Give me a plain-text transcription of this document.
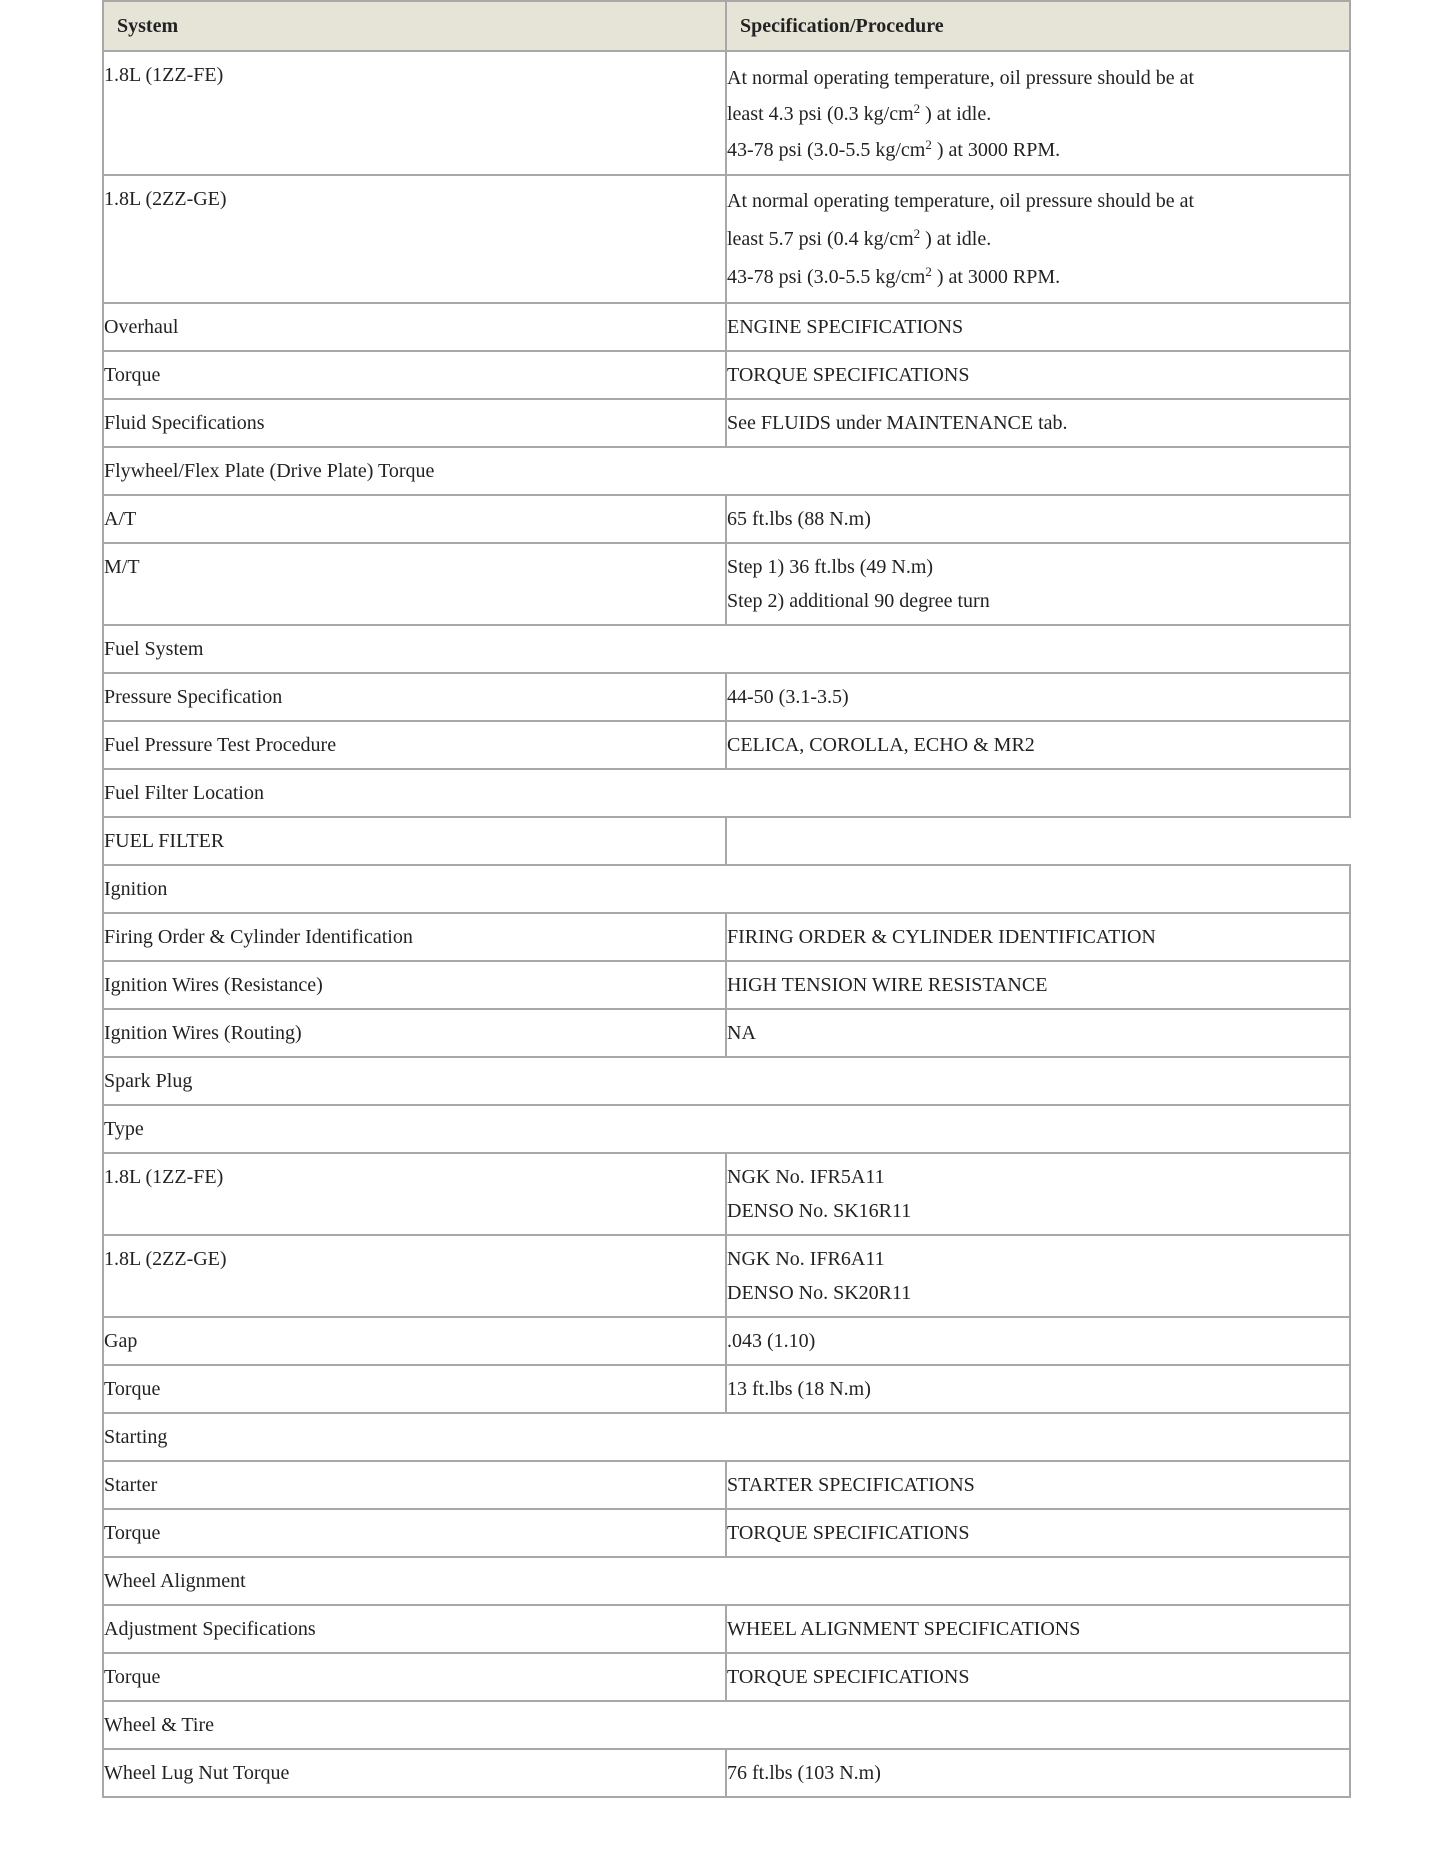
System	Specification/Procedure
1.8L (1ZZ-FE)	At normal operating temperature, oil pressure should be at
least 4.3 psi (0.3 $kg/cm^2$ ) at idle.
43-78 psi (3.0-5.5 $kg/cm^2$ ) at 3000 RPM.
1.8L (2ZZ-GE)	At normal operating temperature, oil pressure should be at
least 5.7 psi (0.4 $kg/cm^2$ ) at idle.
43-78 psi (3.0-5.5 $kg/cm^2$ ) at 3000 RPM.
Overhaul	ENGINE SPECIFICATIONS
Torque	TORQUE SPECIFICATIONS
Fluid Specifications	See FLUIDS under MAINTENANCE tab.
Flywheel/Flex Plate (Drive Plate) Torque	
A/T	65 ft.lbs (88 N.m)
M/T	Step 1) 36 ft.lbs (49 N.m)
Step 2) additional 90 degree turn
Fuel System	
Pressure Specification	44-50 (3.1-3.5)
Fuel Pressure Test Procedure	CELICA, COROLLA, ECHO & MR2
Fuel Filter Location	
FUEL FILTER	
Ignition	
Firing Order & Cylinder Identification	FIRING ORDER & CYLINDER IDENTIFICATION
Ignition Wires (Resistance)	HIGH TENSION WIRE RESISTANCE
Ignition Wires (Routing)	NA
Spark Plug	
Type	
1.8L (1ZZ-FE)	NGK No. IFR5A11
DENSO No. SK16R11
1.8L (2ZZ-GE)	NGK No. IFR6A11
DENSO No. SK20R11
Gap	.043 (1.10)
Torque	13 ft.lbs (18 N.m)
Starting	
Starter	STARTER SPECIFICATIONS
Torque	TORQUE SPECIFICATIONS
Wheel Alignment	
Adjustment Specifications	WHEEL ALIGNMENT SPECIFICATIONS
Torque	TORQUE SPECIFICATIONS
Wheel & Tire	
Wheel Lug Nut Torque	76 ft.lbs (103 N.m)
